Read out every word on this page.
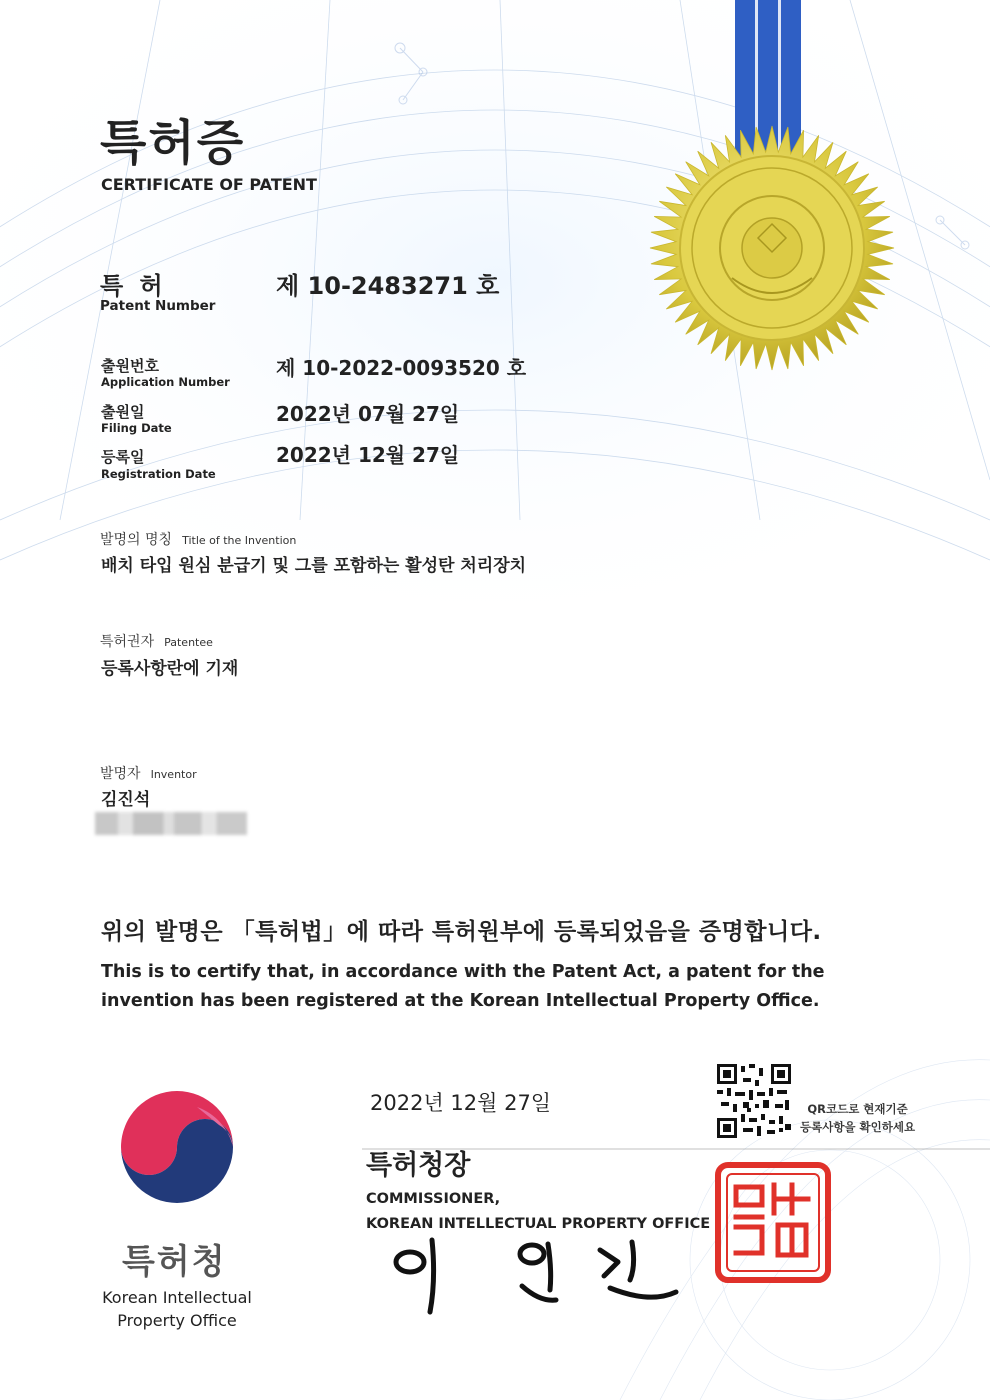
특허증
CERTIFICATE OF PATENT
특 허
Patent Number
제 10-2483271 호
출원번호
Application Number
제 10-2022-0093520 호
출원일
Filing Date
2022년 07월 27일
등록일
Registration Date
2022년 12월 27일
발명의 명칭 Title of the Invention
배치 타입 원심 분급기 및 그를 포함하는 활성탄 처리장치
특허권자 Patentee
등록사항란에 기재
발명자 Inventor
김진석
위의 발명은 「특허법」에 따라 특허원부에 등록되었음을 증명합니다.
This is to certify that, in accordance with the Patent Act, a patent for the invention has been registered at the Korean Intellectual Property Office.
2022년 12월 27일
특허청장
COMMISSIONER,
KOREAN INTELLECTUAL PROPERTY OFFICE
QR코드로 현재기준
등록사항을 확인하세요
특허청
Korean Intellectual Property Office
